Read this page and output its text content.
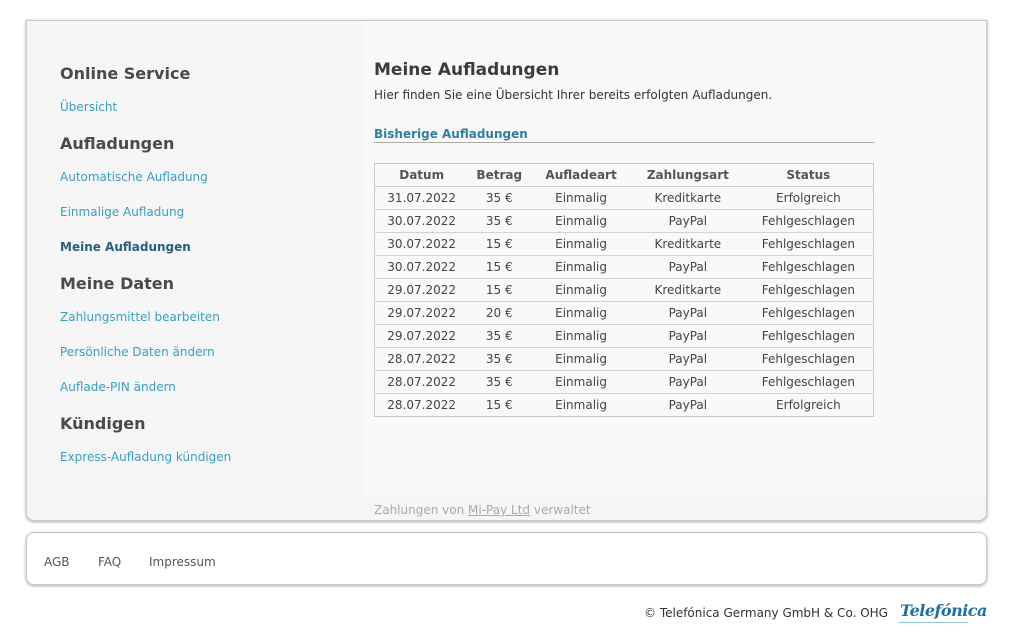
Online Service
Übersicht
Aufladungen
Automatische Aufladung
Einmalige Aufladung
Meine Aufladungen
Meine Daten
Zahlungsmittel bearbeiten
Persönliche Daten ändern
Auflade-PIN ändern
Kündigen
Express-Aufladung kündigen
Meine Aufladungen
Hier finden Sie eine Übersicht Ihrer bereits erfolgten Aufladungen.
Bisherige Aufladungen
Datum	Betrag	Aufladeart	Zahlungsart	Status
31.07.2022	35 €	Einmalig	Kreditkarte	Erfolgreich
30.07.2022	35 €	Einmalig	PayPal	Fehlgeschlagen
30.07.2022	15 €	Einmalig	Kreditkarte	Fehlgeschlagen
30.07.2022	15 €	Einmalig	PayPal	Fehlgeschlagen
29.07.2022	15 €	Einmalig	Kreditkarte	Fehlgeschlagen
29.07.2022	20 €	Einmalig	PayPal	Fehlgeschlagen
29.07.2022	35 €	Einmalig	PayPal	Fehlgeschlagen
28.07.2022	35 €	Einmalig	PayPal	Fehlgeschlagen
28.07.2022	35 €	Einmalig	PayPal	Fehlgeschlagen
28.07.2022	15 €	Einmalig	PayPal	Erfolgreich
Zahlungen von Mi-Pay Ltd verwaltet
AGB FAQ Impressum
© Telefónica Germany GmbH & Co. OHG Telefónica
